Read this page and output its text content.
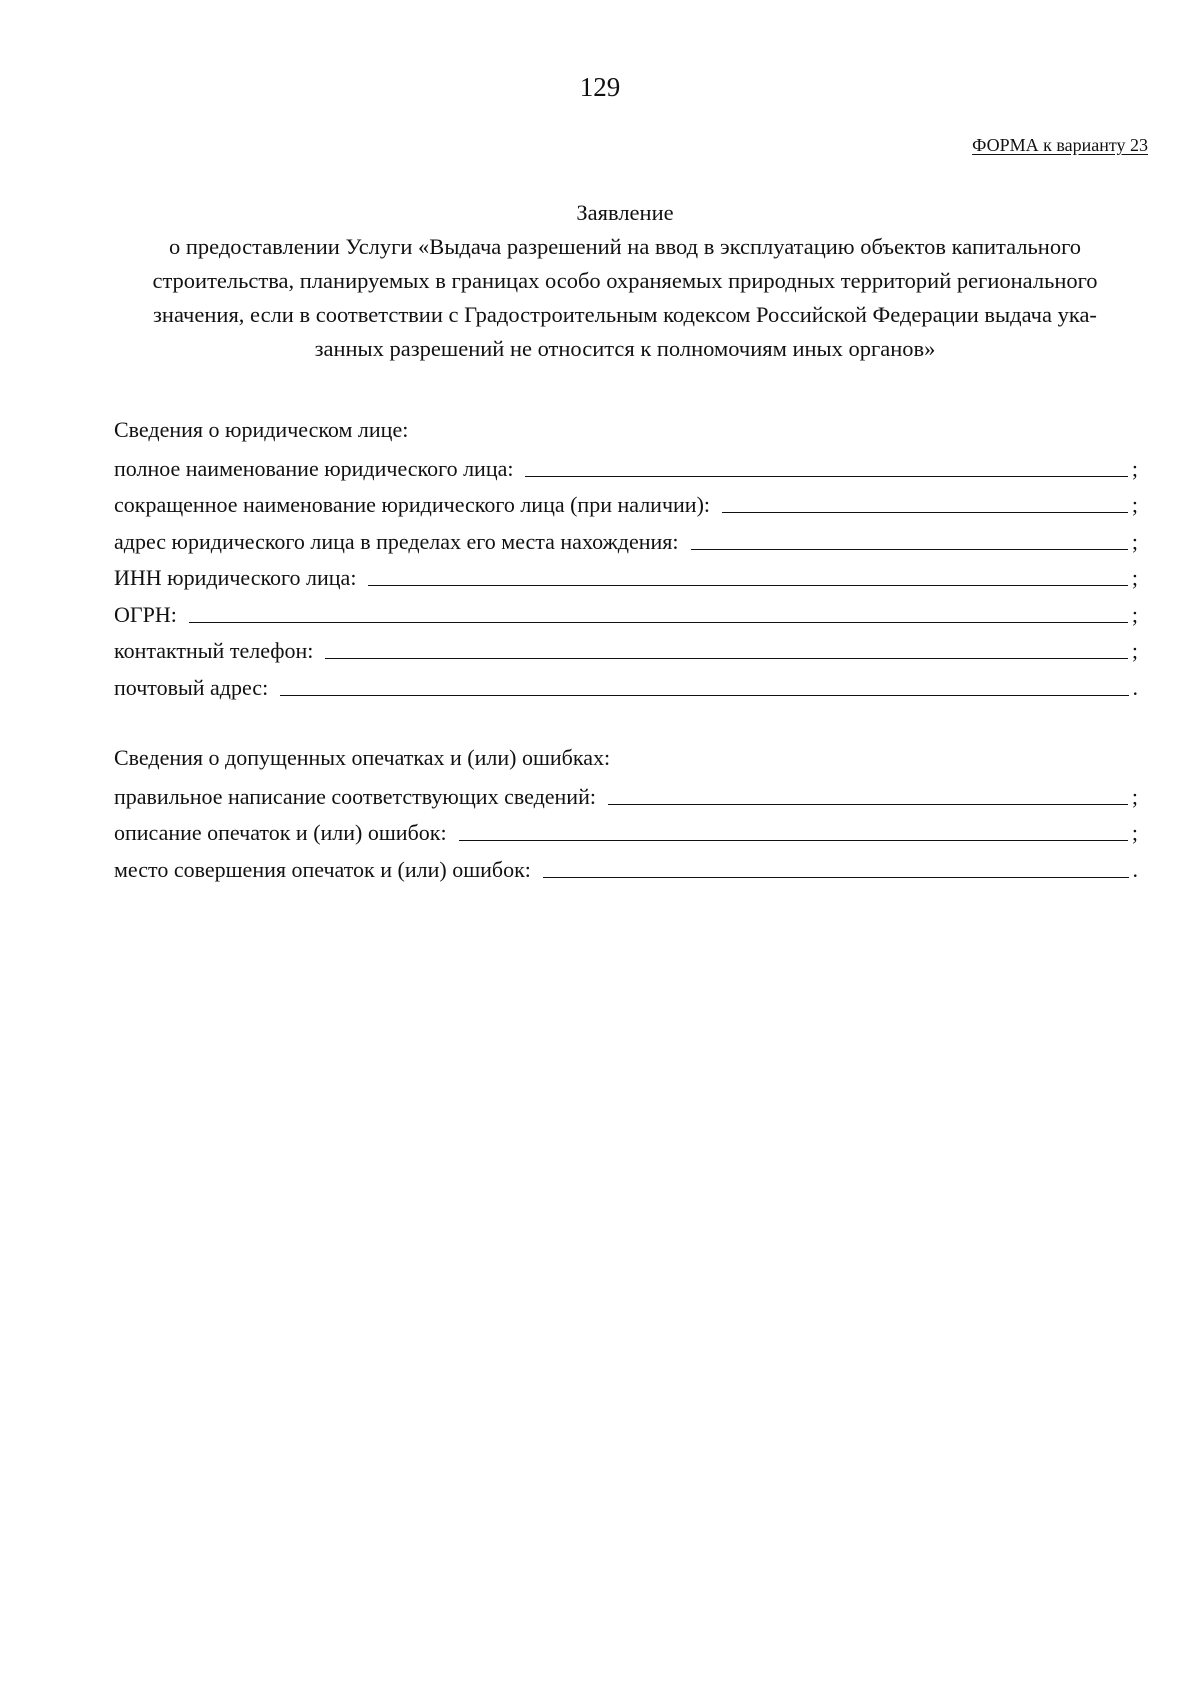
129
ФОРМА к варианту 23
Заявление
о предоставлении Услуги «Выдача разрешений на ввод в эксплуатацию объектов капитального
строительства, планируемых в границах особо охраняемых природных территорий регионального
значения, если в соответствии с Градостроительным кодексом Российской Федерации выдача ука-
занных разрешений не относится к полномочиям иных органов»
Сведения о юридическом лице:
полное наименование юридического лица:	;
сокращенное наименование юридического лица (при наличии):	;
адрес юридического лица в пределах его места нахождения:	;
ИНН юридического лица:	;
ОГРН:	;
контактный телефон:	;
почтовый адрес:	.
Сведения о допущенных опечатках и (или) ошибках:
правильное написание соответствующих сведений:	;
описание опечаток и (или) ошибок:	;
место совершения опечаток и (или) ошибок:	.
